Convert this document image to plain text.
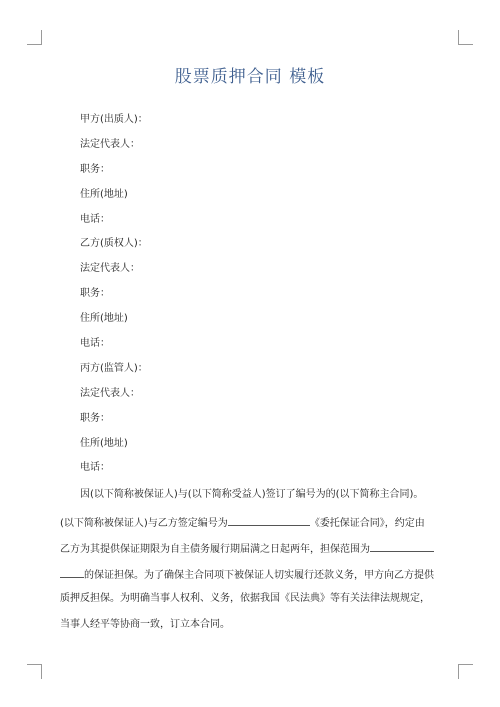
股票质押合同 模板
甲方(出质人)：
法定代表人：
职务：
住所(地址)
电话：
乙方(质权人)：
法定代表人：
职务：
住所(地址)
电话：
丙方(监管人)：
法定代表人：
职务：
住所(地址)
电话：
因(以下简称被保证人)与(以下简称受益人)签订了编号为的(以下简称主合同)。
(以下简称被保证人)与乙方签定编号为	《委托保证合同》，约定由
乙方为其提供保证期限为自主债务履行期届满之日起两年，担保范围为
的保证担保。为了确保主合同项下被保证人切实履行还款义务，甲方向乙方提供
质押反担保。为明确当事人权利、义务，依据我国《民法典》等有关法律法规规定，
当事人经平等协商一致，订立本合同。
